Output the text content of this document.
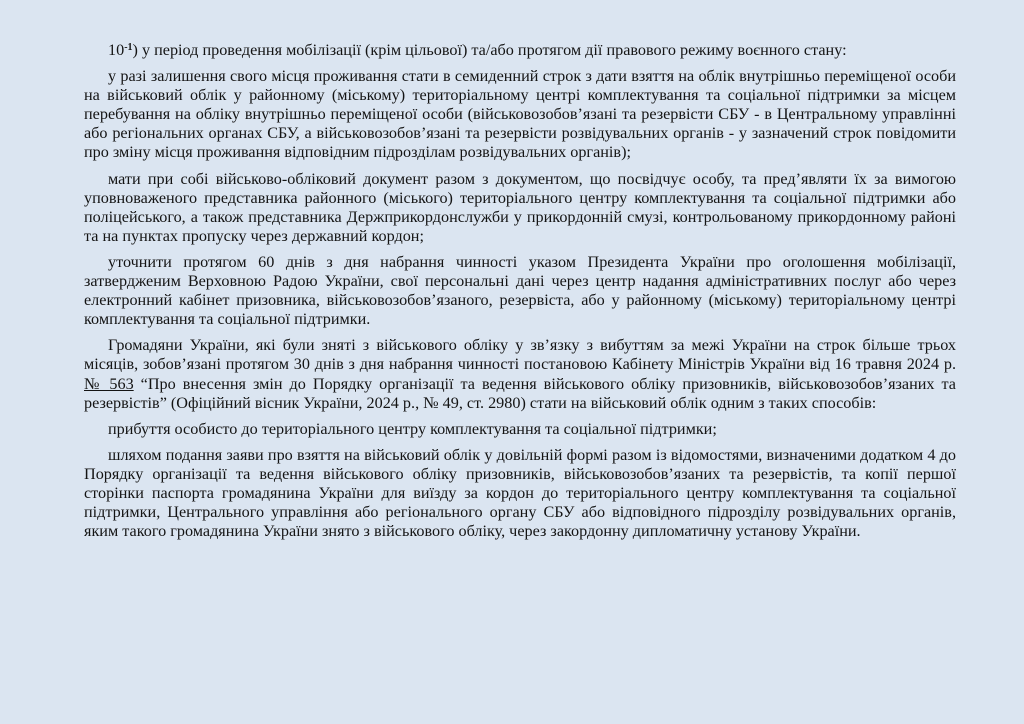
$10^{-1}$) у період проведення мобілізації (крім цільової) та/або протягом дії правового режиму воєнного стану:

у разі залишення свого місця проживання стати в семиденний строк з дати взяття на облік внутрішньо переміщеної особи на військовий облік у районному (міському) територіальному центрі комплектування та соціальної підтримки за місцем перебування на обліку внутрішньо переміщеної особи (військовозобов’язані та резервісти СБУ - в Центральному управлінні або регіональних органах СБУ, а військовозобов’язані та резервісти розвідувальних органів - у зазначений строк повідомити про зміну місця проживання відповідним підрозділам розвідувальних органів);

мати при собі військово-обліковий документ разом з документом, що посвідчує особу, та пред’являти їх за вимогою уповноваженого представника районного (міського) територіального центру комплектування та соціальної підтримки або поліцейського, а також представника Держприкордонслужби у прикордонній смузі, контрольованому прикордонному районі та на пунктах пропуску через державний кордон;

уточнити протягом 60 днів з дня набрання чинності указом Президента України про оголошення мобілізації, затвердженим Верховною Радою України, свої персональні дані через центр надання адміністративних послуг або через електронний кабінет призовника, військовозобов’язаного, резервіста, або у районному (міському) територіальному центрі комплектування та соціальної підтримки.

Громадяни України, які були зняті з військового обліку у зв’язку з вибуттям за межі України на строк більше трьох місяців, зобов’язані протягом 30 днів з дня набрання чинності постановою Кабінету Міністрів України від 16 травня 2024 р. № 563 “Про внесення змін до Порядку організації та ведення військового обліку призовників, військовозобов’язаних та резервістів” (Офіційний вісник України, 2024 р., № 49, ст. 2980) стати на військовий облік одним з таких способів:

прибуття особисто до територіального центру комплектування та соціальної підтримки;

шляхом подання заяви про взяття на військовий облік у довільній формі разом із відомостями, визначеними додатком 4 до Порядку організації та ведення військового обліку призовників, військовозобов’язаних та резервістів, та копії першої сторінки паспорта громадянина України для виїзду за кордон до територіального центру комплектування та соціальної підтримки, Центрального управління або регіонального органу СБУ або відповідного підрозділу розвідувальних органів, яким такого громадянина України знято з військового обліку, через закордонну дипломатичну установу України.
